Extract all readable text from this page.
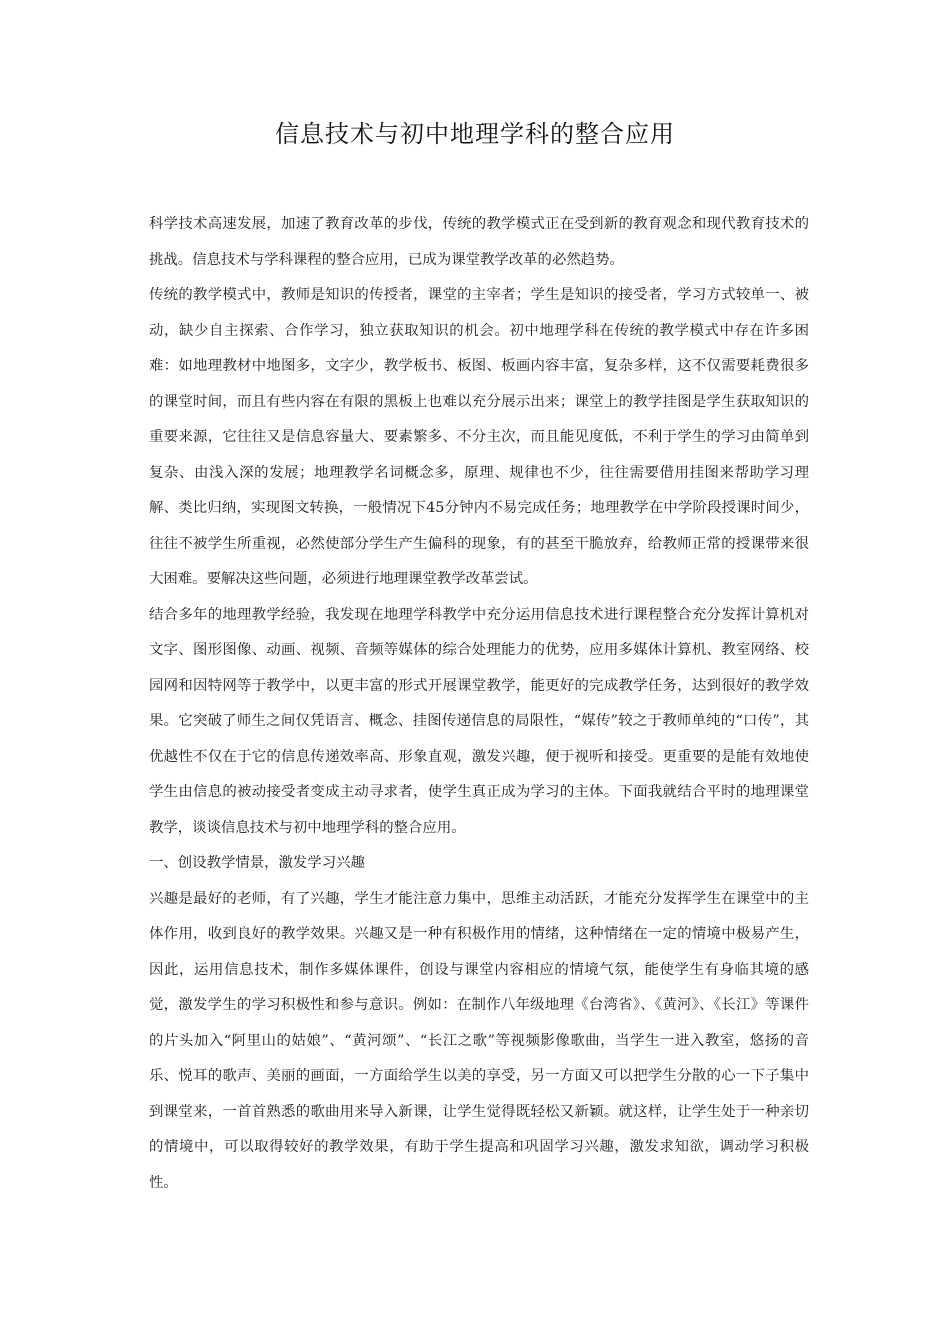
信息技术与初中地理学科的整合应用

科学技术高速发展，加速了教育改革的步伐，传统的教学模式正在受到新的教育观念和现代教育技术的挑战。信息技术与学科课程的整合应用，已成为课堂教学改革的必然趋势。

传统的教学模式中，教师是知识的传授者，课堂的主宰者；学生是知识的接受者，学习方式较单一、被动，缺少自主探索、合作学习，独立获取知识的机会。初中地理学科在传统的教学模式中存在许多困难：如地理教材中地图多，文字少，教学板书、板图、板画内容丰富，复杂多样，这不仅需要耗费很多的课堂时间，而且有些内容在有限的黑板上也难以充分展示出来；课堂上的教学挂图是学生获取知识的重要来源，它往往又是信息容量大、要素繁多、不分主次，而且能见度低，不利于学生的学习由简单到复杂、由浅入深的发展；地理教学名词概念多，原理、规律也不少，往往需要借用挂图来帮助学习理解、类比归纳，实现图文转换，一般情况下45分钟内不易完成任务；地理教学在中学阶段授课时间少，往往不被学生所重视，必然使部分学生产生偏科的现象，有的甚至干脆放弃，给教师正常的授课带来很大困难。要解决这些问题，必须进行地理课堂教学改革尝试。

结合多年的地理教学经验，我发现在地理学科教学中充分运用信息技术进行课程整合充分发挥计算机对文字、图形图像、动画、视频、音频等媒体的综合处理能力的优势，应用多媒体计算机、教室网络、校园网和因特网等于教学中，以更丰富的形式开展课堂教学，能更好的完成教学任务，达到很好的教学效果。它突破了师生之间仅凭语言、概念、挂图传递信息的局限性，“媒传”较之于教师单纯的“口传”，其优越性不仅在于它的信息传递效率高、形象直观，激发兴趣，便于视听和接受。更重要的是能有效地使学生由信息的被动接受者变成主动寻求者，使学生真正成为学习的主体。下面我就结合平时的地理课堂教学，谈谈信息技术与初中地理学科的整合应用。

一、创设教学情景，激发学习兴趣

兴趣是最好的老师，有了兴趣，学生才能注意力集中，思维主动活跃，才能充分发挥学生在课堂中的主体作用，收到良好的教学效果。兴趣又是一种有积极作用的情绪，这种情绪在一定的情境中极易产生，因此，运用信息技术，制作多媒体课件，创设与课堂内容相应的情境气氛，能使学生有身临其境的感觉，激发学生的学习积极性和参与意识。例如：在制作八年级地理《台湾省》、《黄河》、《长江》等课件的片头加入“阿里山的姑娘”、“黄河颂”、“长江之歌”等视频影像歌曲，当学生一进入教室，悠扬的音乐、悦耳的歌声、美丽的画面，一方面给学生以美的享受，另一方面又可以把学生分散的心一下子集中到课堂来，一首首熟悉的歌曲用来导入新课，让学生觉得既轻松又新颖。就这样，让学生处于一种亲切的情境中，可以取得较好的教学效果，有助于学生提高和巩固学习兴趣，激发求知欲，调动学习积极性。
